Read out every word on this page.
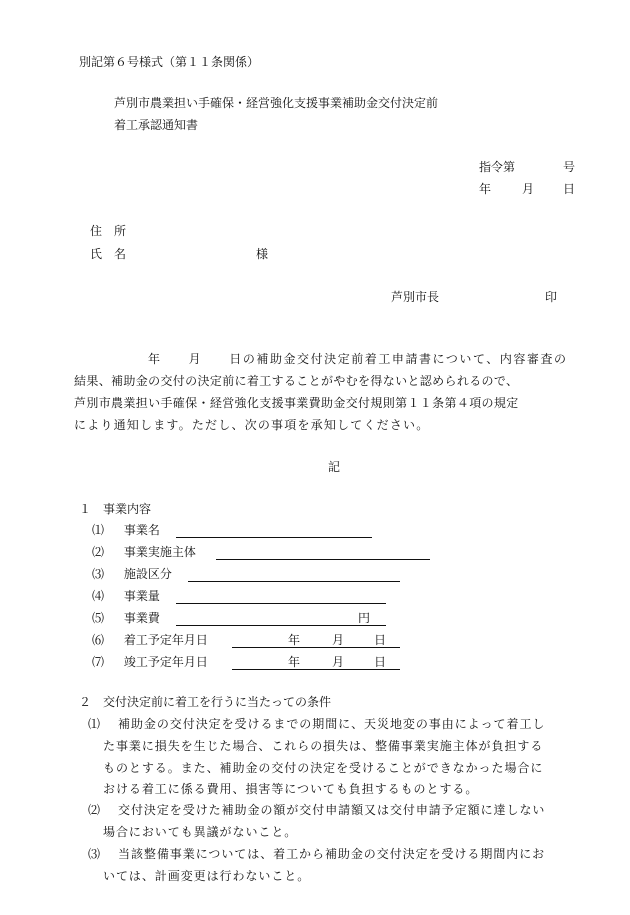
別記第６号様式（第１１条関係）
芦別市農業担い手確保・経営強化支援事業補助金交付決定前
着工承認通知書
指令第	号
年	月 日
住　所
氏　名	様
芦別市長	印
年　　月　　日の補助金交付決定前着工申請書について、内容審査の
結果、補助金の交付の決定前に着工することがやむを得ないと認められるので、
芦別市農業担い手確保・経営強化支援事業費助金交付規則第１１条第４項の規定
により通知します。ただし、次の事項を承知してください。
記
１　事業内容
⑴ 事業名
⑵ 事業実施主体
⑶ 施設区分
⑷ 事業量
⑸ 事業費	円
⑹ 着工予定年月日	年	月 日
⑺ 竣工予定年月日	年	月 日
２　交付決定前に着工を行うに当たっての条件
⑴ 補助金の交付決定を受けるまでの期間に、天災地変の事由によって着工し
た事業に損失を生じた場合、これらの損失は、整備事業実施主体が負担する
ものとする。また、補助金の交付の決定を受けることができなかった場合に
おける着工に係る費用、損害等についても負担するものとする。
⑵ 交付決定を受けた補助金の額が交付申請額又は交付申請予定額に達しない
場合においても異議がないこと。
⑶ 当該整備事業については、着工から補助金の交付決定を受ける期間内にお
いては、計画変更は行わないこと。
